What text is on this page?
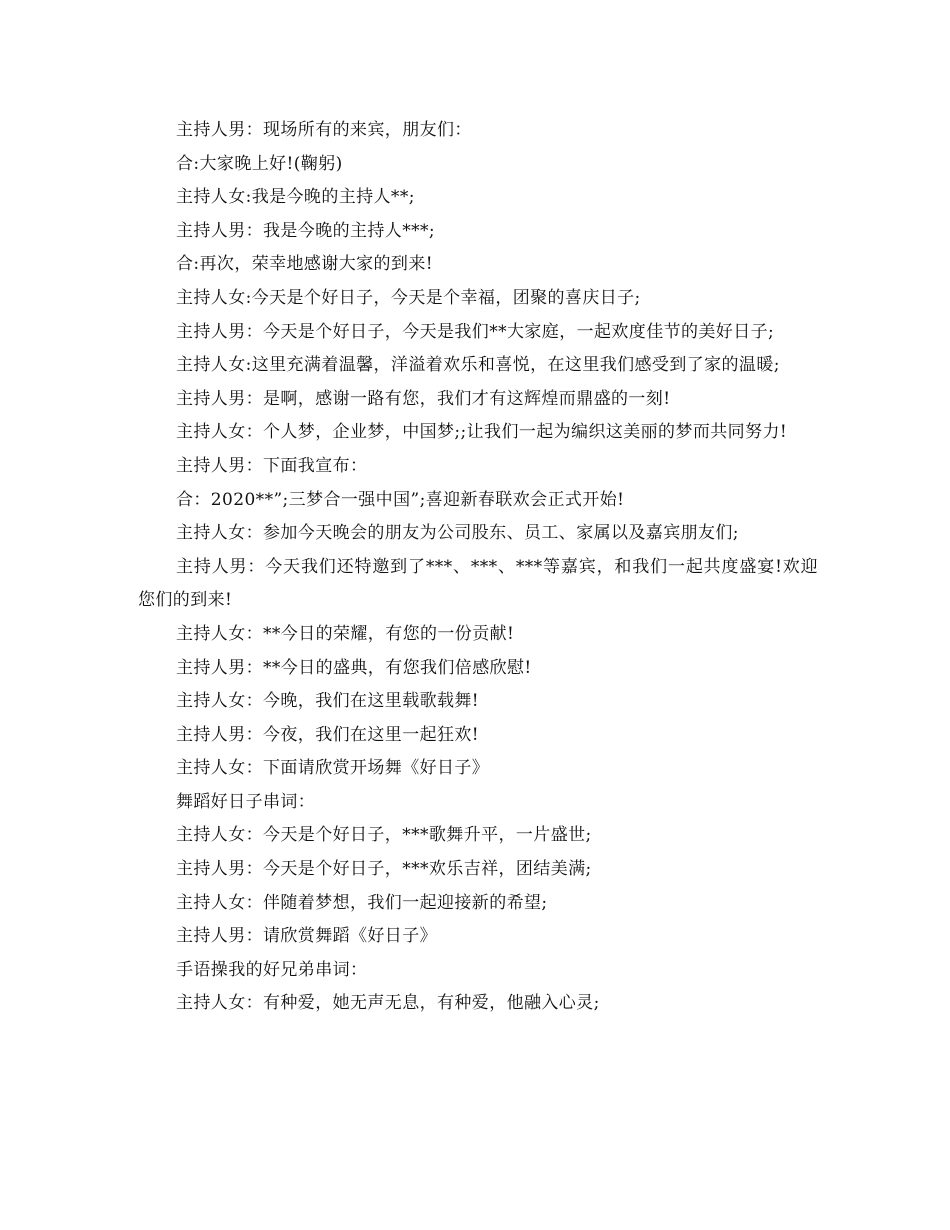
主持人男：现场所有的来宾，朋友们：

合:大家晚上好!(鞠躬)

主持人女:我是今晚的主持人**;

主持人男：我是今晚的主持人***;

合:再次，荣幸地感谢大家的到来!

主持人女:今天是个好日子，今天是个幸福，团聚的喜庆日子;

主持人男：今天是个好日子，今天是我们**大家庭，一起欢度佳节的美好日子;

主持人女:这里充满着温馨，洋溢着欢乐和喜悦，在这里我们感受到了家的温暖;

主持人男：是啊，感谢一路有您，我们才有这辉煌而鼎盛的一刻!

主持人女：个人梦，企业梦，中国梦;;让我们一起为编织这美丽的梦而共同努力!

主持人男：下面我宣布：

合：2020**”;三梦合一强中国”;喜迎新春联欢会正式开始!

主持人女：参加今天晚会的朋友为公司股东、员工、家属以及嘉宾朋友们;

主持人男：今天我们还特邀到了***、***、***等嘉宾，和我们一起共度盛宴!欢迎您们的到来!

主持人女：**今日的荣耀，有您的一份贡献!

主持人男：**今日的盛典，有您我们倍感欣慰!

主持人女：今晚，我们在这里载歌载舞!

主持人男：今夜，我们在这里一起狂欢!

主持人女：下面请欣赏开场舞《好日子》

舞蹈好日子串词：

主持人女：今天是个好日子，***歌舞升平，一片盛世;

主持人男：今天是个好日子，***欢乐吉祥，团结美满;

主持人女：伴随着梦想，我们一起迎接新的希望;

主持人男：请欣赏舞蹈《好日子》

手语操我的好兄弟串词：

主持人女：有种爱，她无声无息，有种爱，他融入心灵;
